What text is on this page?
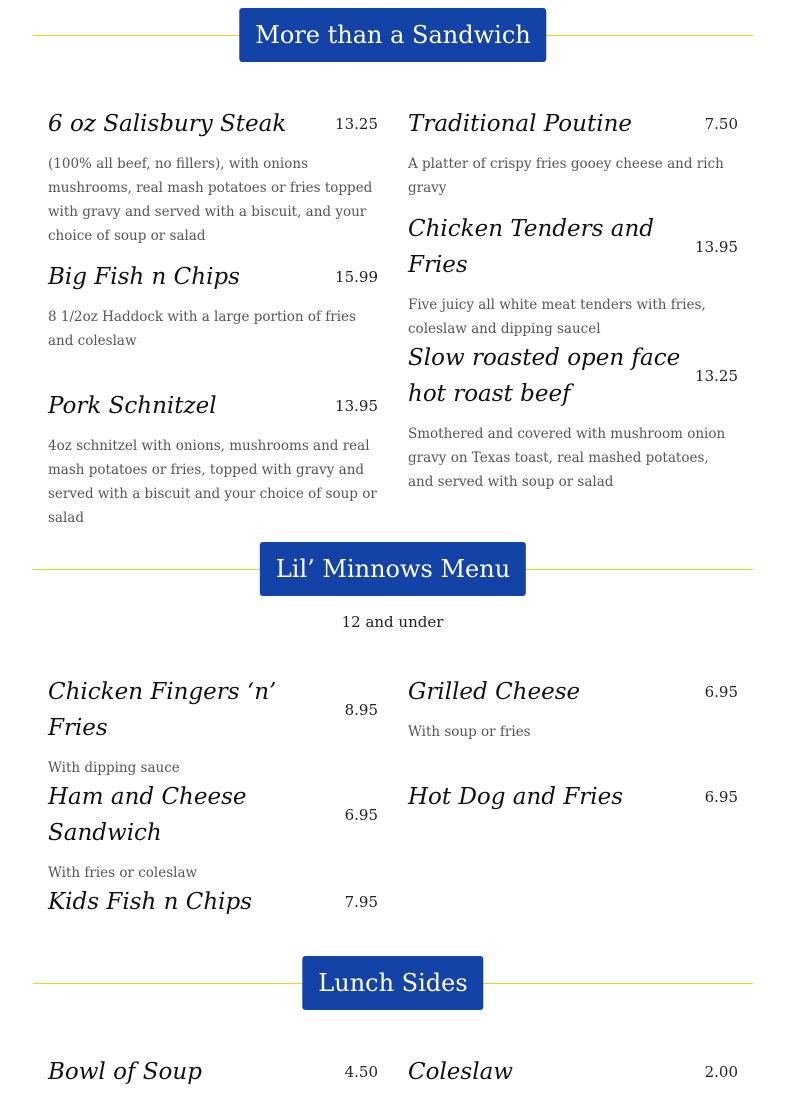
More than a Sandwich
6 oz Salisbury Steak	13.25
(100% all beef, no fillers), with onions mushrooms, real mash potatoes or fries topped with gravy and served with a biscuit, and your choice of soup or salad
Traditional Poutine	7.50
A platter of crispy fries gooey cheese and rich gravy
Chicken Tenders and Fries
13.95
Five juicy all white meat tenders with fries, coleslaw and dipping saucel
Big Fish n Chips	15.99
8 1/2oz Haddock with a large portion of fries and coleslaw
Slow roasted open face hot roast beef
13.25
Smothered and covered with mushroom onion gravy on Texas toast, real mashed potatoes, and served with soup or salad
Pork Schnitzel	13.95
4oz schnitzel with onions, mushrooms and real mash potatoes or fries, topped with gravy and served with a biscuit and your choice of soup or salad
Lil’ Minnows Menu
12 and under
Chicken Fingers ‘n’ Fries
8.95
With dipping sauce
Grilled Cheese	6.95
With soup or fries
Ham and Cheese Sandwich
6.95
With fries or coleslaw
Hot Dog and Fries	6.95
Kids Fish n Chips	7.95
Lunch Sides
Bowl of Soup	4.50 Coleslaw	2.00
